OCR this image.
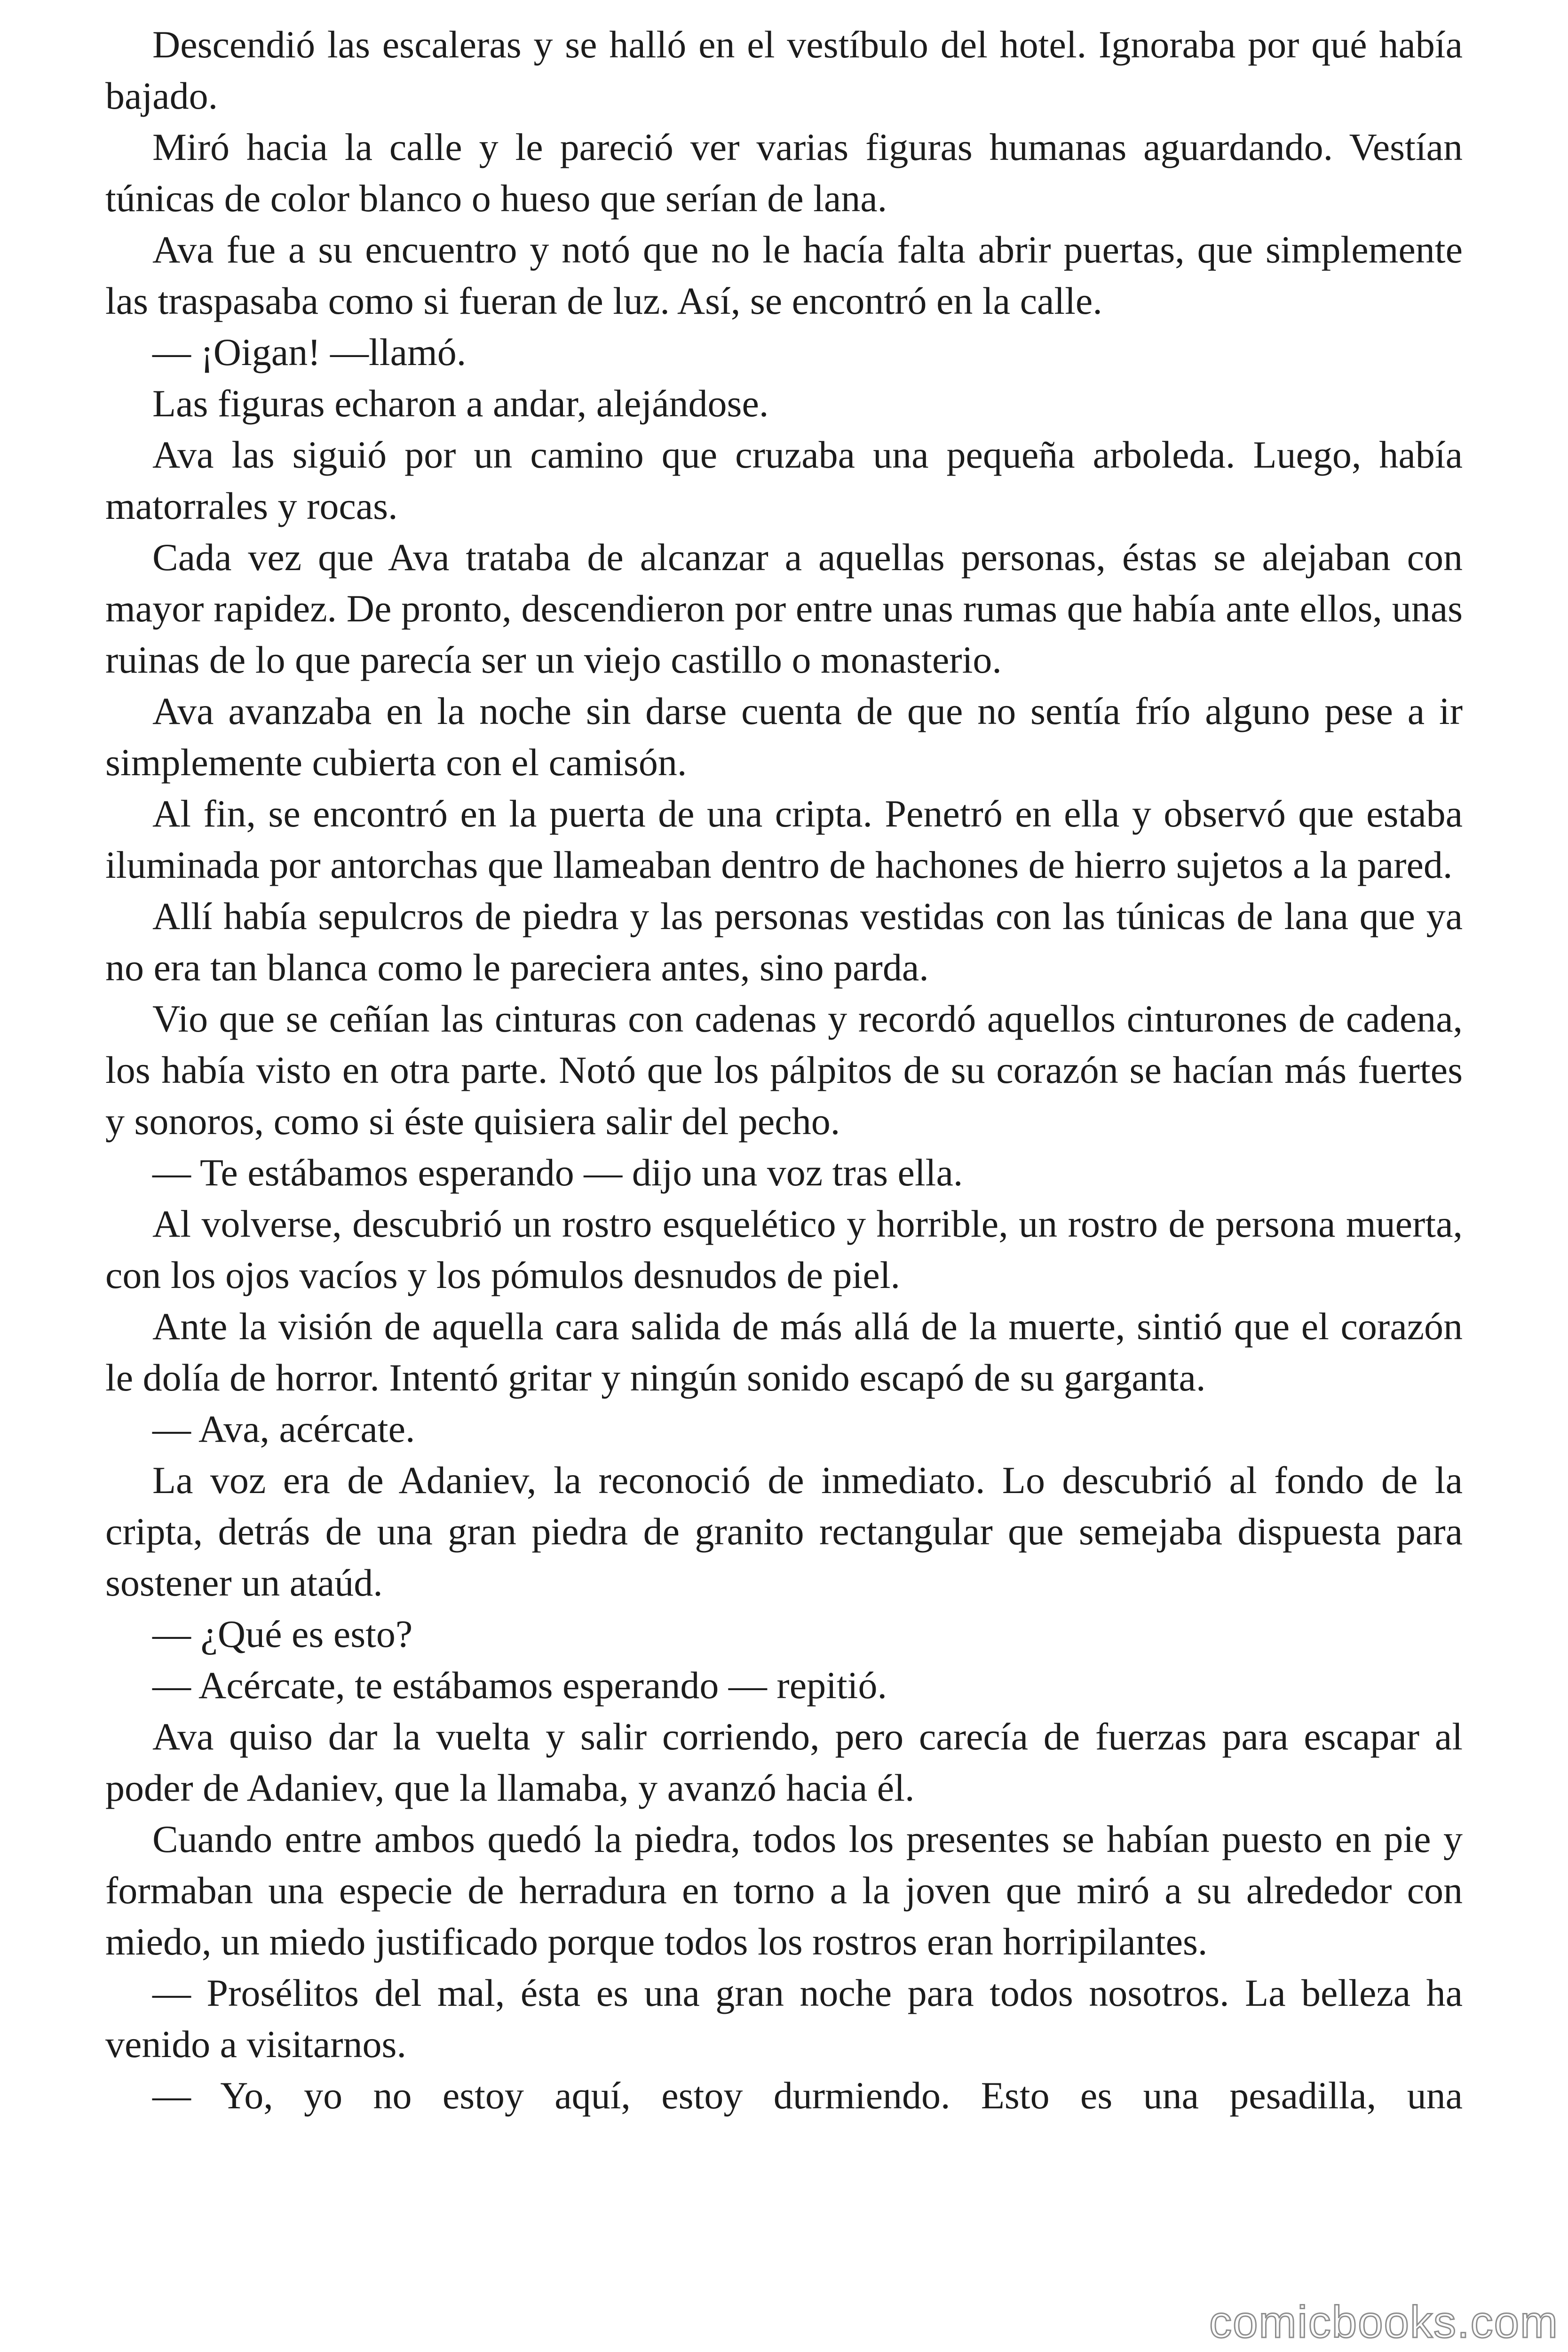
Descendió las escaleras y se halló en el vestíbulo del hotel. Ignoraba por qué había bajado.

Miró hacia la calle y le pareció ver varias figuras humanas aguardando. Vestían túnicas de color blanco o hueso que serían de lana.

Ava fue a su encuentro y notó que no le hacía falta abrir puertas, que simplemente las traspasaba como si fueran de luz. Así, se encontró en la calle.

— ¡Oigan! —llamó.

Las figuras echaron a andar, alejándose.

Ava las siguió por un camino que cruzaba una pequeña arboleda. Luego, había matorrales y rocas.

Cada vez que Ava trataba de alcanzar a aquellas personas, éstas se alejaban con mayor rapidez. De pronto, descendieron por entre unas rumas que había ante ellos, unas ruinas de lo que parecía ser un viejo castillo o monasterio.

Ava avanzaba en la noche sin darse cuenta de que no sentía frío alguno pese a ir simplemente cubierta con el camisón.

Al fin, se encontró en la puerta de una cripta. Penetró en ella y observó que estaba iluminada por antorchas que llameaban dentro de hachones de hierro sujetos a la pared.

Allí había sepulcros de piedra y las personas vestidas con las túnicas de lana que ya no era tan blanca como le pareciera antes, sino parda.

Vio que se ceñían las cinturas con cadenas y recordó aquellos cinturones de cadena, los había visto en otra parte. Notó que los pálpitos de su corazón se hacían más fuertes y sonoros, como si éste quisiera salir del pecho.

— Te estábamos esperando — dijo una voz tras ella.

Al volverse, descubrió un rostro esquelético y horrible, un rostro de persona muerta, con los ojos vacíos y los pómulos desnudos de piel.

Ante la visión de aquella cara salida de más allá de la muerte, sintió que el corazón le dolía de horror. Intentó gritar y ningún sonido escapó de su garganta.

— Ava, acércate.

La voz era de Adaniev, la reconoció de inmediato. Lo descubrió al fondo de la cripta, detrás de una gran piedra de granito rectangular que semejaba dispuesta para sostener un ataúd.

— ¿Qué es esto?

— Acércate, te estábamos esperando — repitió.

Ava quiso dar la vuelta y salir corriendo, pero carecía de fuerzas para escapar al poder de Adaniev, que la llamaba, y avanzó hacia él.

Cuando entre ambos quedó la piedra, todos los presentes se habían puesto en pie y formaban una especie de herradura en torno a la joven que miró a su alrededor con miedo, un miedo justificado porque todos los rostros eran horripilantes.

— Prosélitos del mal, ésta es una gran noche para todos nosotros. La belleza ha venido a visitarnos.

— Yo, yo no estoy aquí, estoy durmiendo. Esto es una pesadilla, una

comicbooks.com
